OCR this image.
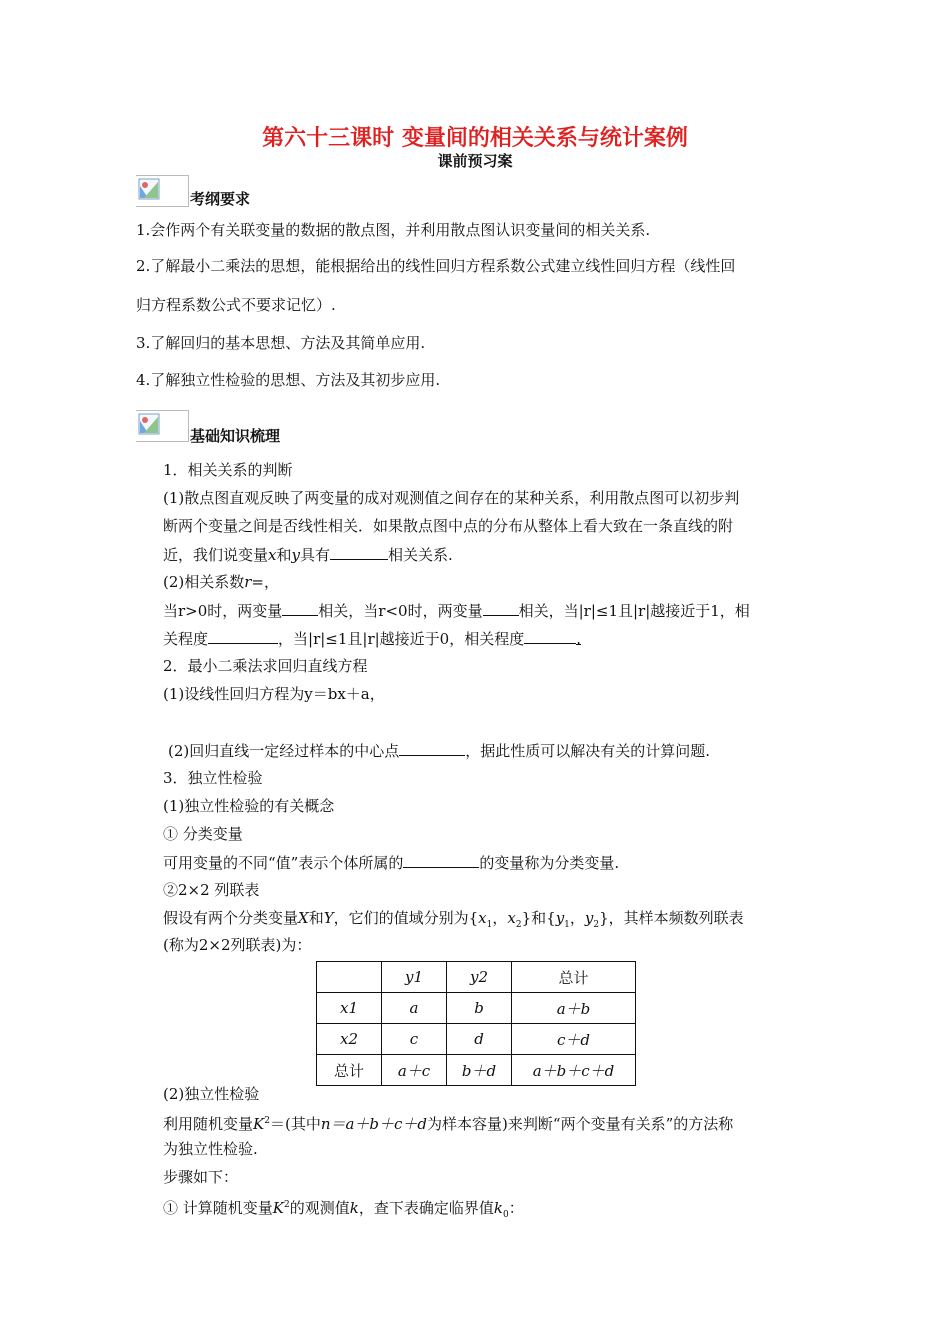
第六十三课时 变量间的相关关系与统计案例
课前预习案
考纲要求
1.会作两个有关联变量的数据的散点图，并利用散点图认识变量间的相关关系.
2.了解最小二乘法的思想，能根据给出的线性回归方程系数公式建立线性回归方程（线性回
归方程系数公式不要求记忆）.
3.了解回归的基本思想、方法及其简单应用.
4.了解独立性检验的思想、方法及其初步应用.
基础知识梳理
1．相关关系的判断
(1)散点图直观反映了两变量的成对观测值之间存在的某种关系，利用散点图可以初步判
断两个变量之间是否线性相关．如果散点图中点的分布从整体上看大致在一条直线的附
近，我们说变量x和y具有	相关关系.
(2)相关系数r=，
当r>0时，两变量 相关，当r<0时，两变量 相关，当|r|≤1且|r|越接近于1，相
关程度	，当|r|≤1且|r|越接近于0，相关程度	.
2．最小二乘法求回归直线方程
(1)设线性回归方程为y＝bx＋a，
(2)回归直线一定经过样本的中心点	，据此性质可以解决有关的计算问题.
3．独立性检验
(1)独立性检验的有关概念
① 分类变量
可用变量的不同“值”表示个体所属的	的变量称为分类变量.
②2×2 列联表
假设有两个分类变量X和Y，它们的值域分别为{$x_1$，$x_2$}和{$y_1$，$y_2$}，其样本频数列联表
(称为2×2列联表)为：
	y1	y2	总计
x1	a	b	a＋b
x2	c	d	c＋d
总计	a＋c	b＋d	a＋b＋c＋d
(2)独立性检验
利用随机变量$K^2=$(其中n＝a＋b＋c＋d为样本容量)来判断“两个变量有关系”的方法称
为独立性检验.
步骤如下：
① 计算随机变量$K^2$的观测值k，查下表确定临界值$k_0$：
